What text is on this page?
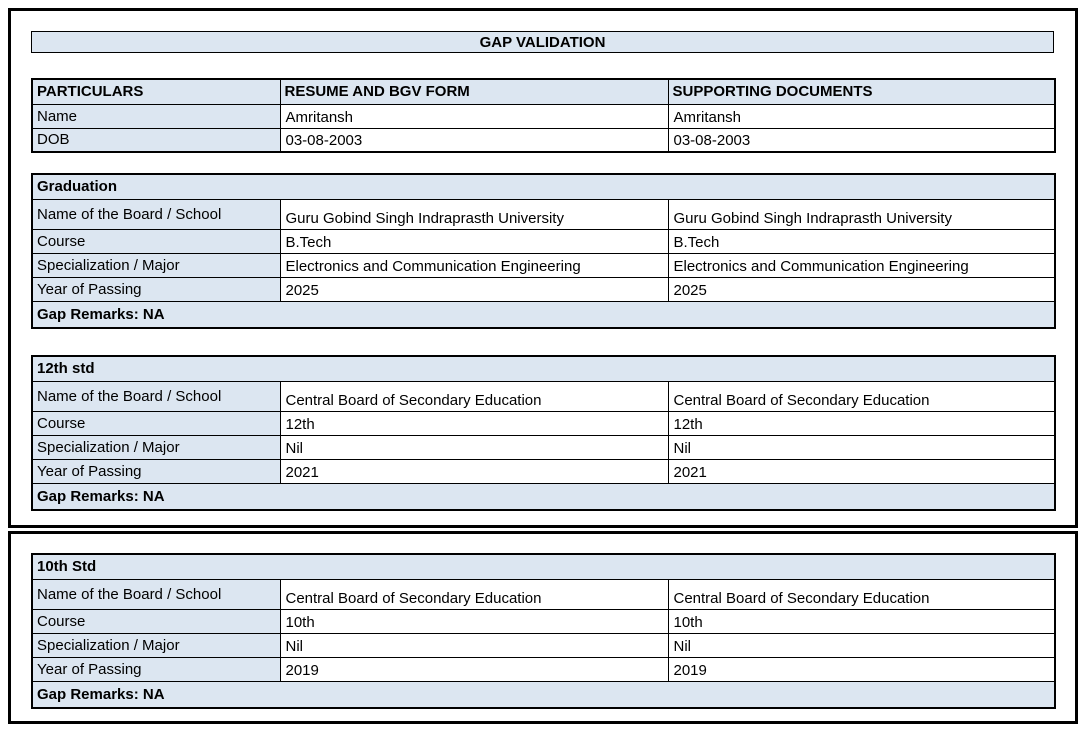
GAP VALIDATION
PARTICULARS	RESUME AND BGV FORM	SUPPORTING DOCUMENTS
Name	Amritansh	Amritansh
DOB	03-08-2003	03-08-2003
Graduation		
Name of the Board / School	Guru Gobind Singh Indraprasth University	Guru Gobind Singh Indraprasth University
Course	B.Tech	B.Tech
Specialization / Major	Electronics and Communication Engineering	Electronics and Communication Engineering
Year of Passing	2025	2025
Gap Remarks: NA		
12th std		
Name of the Board / School	Central Board of Secondary Education	Central Board of Secondary Education
Course	12th	12th
Specialization / Major	Nil	Nil
Year of Passing	2021	2021
Gap Remarks: NA		
10th Std		
Name of the Board / School	Central Board of Secondary Education	Central Board of Secondary Education
Course	10th	10th
Specialization / Major	Nil	Nil
Year of Passing	2019	2019
Gap Remarks: NA		
